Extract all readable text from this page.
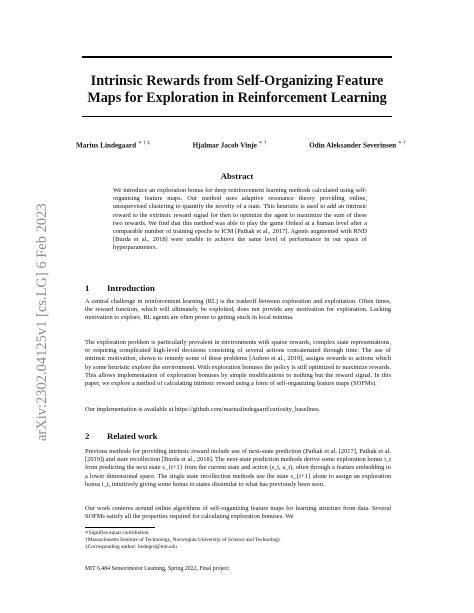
arXiv:2302.04125v1 [cs.LG] 6 Feb 2023
Intrinsic Rewards from Self-Organizing Feature
Maps for Exploration in Reinforcement Learning
Marius Lindegaard ∗ † ‡	Hjalmar Jacob Vinje ∗ †	Odin Aleksander Severinsen ∗ †
Abstract
We introduce an exploration bonus for deep reinforcement learning methods calculated using self-organising feature maps. Our method uses adaptive resonance theory providing online, unsupervised clustering to quantify the novelty of a state. This heuristic is used to add an intrinsic reward to the extrinsic reward signal for then to optimize the agent to maximize the sum of these two rewards. We find that this method was able to play the game Ordeal at a human level after a comparable number of training epochs to ICM [Pathak et al., 2017]. Agents augmented with RND [Burda et al., 2018] were unable to achieve the same level of performance in our space of hyperparameters.
1 Introduction
A central challenge in reinforcement learning (RL) is the tradeoff between exploration and exploitation. Often times, the reward function, which will ultimately be exploited, does not provide any motivation for exploration. Lacking motivation to explore, RL agents are often prone to getting stuck in local minima.
The exploration problem is particularly prevalent in environments with sparse rewards, complex state representations, or requiring complicated high-level decisions consisting of several actions concatenated through time. The use of intrinsic motivation, shown to remedy some of these problems [Aubret et al., 2019], assigns rewards to actions which by some heuristic explore the environment. With exploration bonuses the policy is still optimized to maximize rewards. This allows implementation of exploration bonuses by simple modifications to nothing but the reward signal. In this paper, we explore a method of calculating intrinsic reward using a form of self-organizing feature maps (SOFMs).
Our implementation is available at https://github.com/mariuslindegaard/curiosity_baselines.
2 Related work
Previous methods for providing intrinsic reward include use of next-state prediction (Pathak et al. [2017], Pathak et al. [2019]) and state recollection [Burda et al., 2018]. The next-state prediction methods derive some exploration bonus i_t from predicting the next state s_{t+1} from the current state and action (s_t, a_t), often through a feature embedding to a lower dimensional space. The single state recollection methods use the state s_{t+1} alone to assign an exploration bonus i_t, intuitively giving some bonus to states dissimilar to what has previously been seen.
Our work centeres around online algorithms of self-organizing feature maps for learning structure from data. Several SOFMs satisfy all the properties required for calculating exploration bonuses. We
∗Signifies equal contribution
†Massachusetts Institute of Technology, Norwegian University of Science and Technology
‡Corresponding author: lindegrd@mit.edu
MIT 6.484 Sensorimotor Learning, Spring 2022, Final project
